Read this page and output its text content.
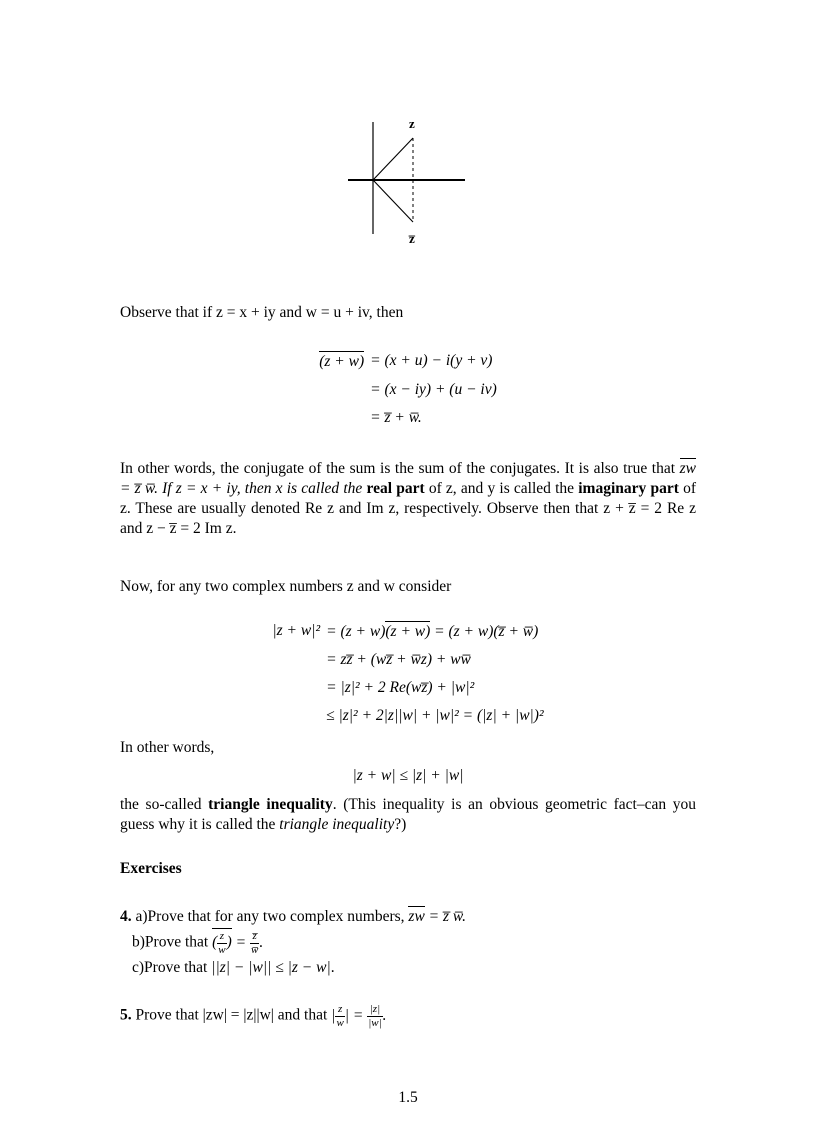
z
z̅

Observe that if z = x + iy and w = u + iv, then

(z + w) = (x + u) − i(y + v)
= (x − iy) + (u − iv)
= z̅ + w̅.

In other words, the conjugate of the sum is the sum of the conjugates. It is also true that zw = z̅ w̅. If z = x + iy, then x is called the real part of z, and y is called the imaginary part of z. These are usually denoted Re z and Im z, respectively. Observe then that z + z̅ = 2 Re z and z − z̅ = 2 Im z.

Now, for any two complex numbers z and w consider

|z + w|² = (z + w)(z + w) = (z + w)(z̅ + w̅)
= zz̅ + (wz̅ + w̅z) + ww̅
= |z|² + 2 Re(wz̅) + |w|²
≤ |z|² + 2|z||w| + |w|² = (|z| + |w|)²

In other words,

|z + w| ≤ |z| + |w|

the so-called triangle inequality. (This inequality is an obvious geometric fact–can you guess why it is called the triangle inequality?)

Exercises

4. a)Prove that for any two complex numbers, zw = z̅ w̅.

b)Prove that ( $\frac{z}{w}$ ) = $\frac{z̅}{w̅}$ .

c)Prove that ||z| − |w|| ≤ |z − w|.

5. Prove that |zw| = |z||w| and that | $\frac{z}{w}$ | = $\frac{|z|}{|w|}$ .

1.5
